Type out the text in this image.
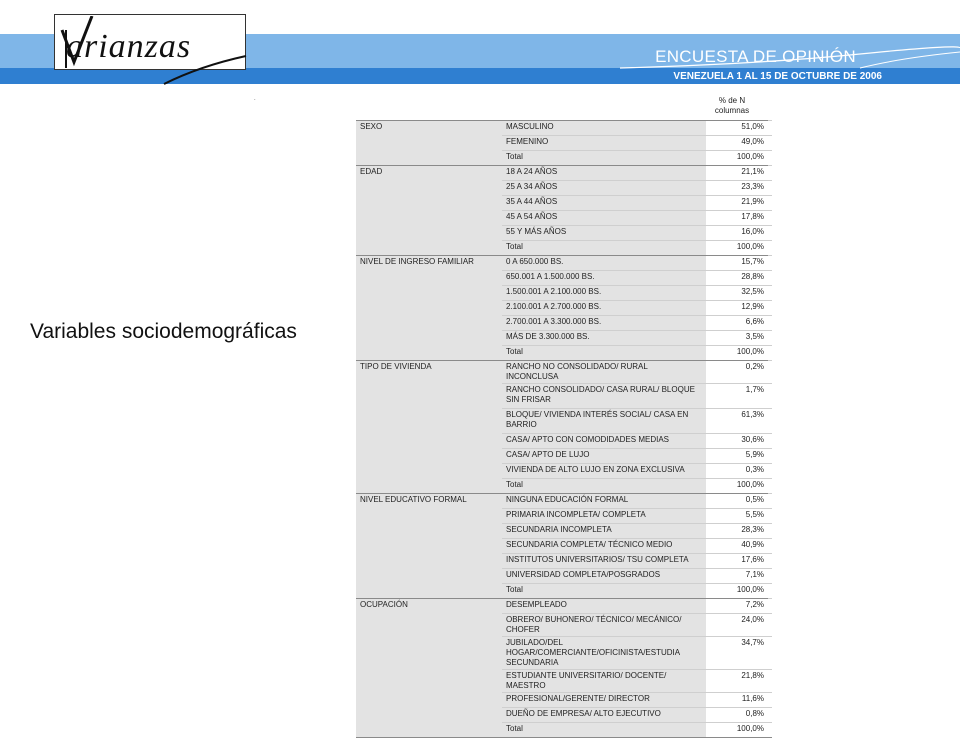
arianzas	ENCUESTA DE OPINIÓN
VENEZUELA 1 AL 15 DE OCTUBRE DE 2006
.
Variables sociodemográficas
% de N columnas
SEXO	MASCULINO	51,0%	
	FEMENINO	49,0%	
	Total	100,0%	
EDAD	18 A 24 AÑOS	21,1%	
	25 A 34 AÑOS	23,3%	
	35 A 44 AÑOS	21,9%	
	45 A 54 AÑOS	17,8%	
	55 Y MÁS AÑOS	16,0%	
	Total	100,0%	
NIVEL DE INGRESO FAMILIAR	0 A 650.000 BS.	15,7%	
	650.001 A 1.500.000 BS.	28,8%	
	1.500.001 A 2.100.000 BS.	32,5%	
	2.100.001 A 2.700.000 BS.	12,9%	
	2.700.001 A 3.300.000 BS.	6,6%	
	MÁS DE 3.300.000 BS.	3,5%	
	Total	100,0%	
TIPO DE VIVIENDA	RANCHO NO CONSOLIDADO/ RURAL INCONCLUSA	0,2%	
	RANCHO CONSOLIDADO/ CASA RURAL/ BLOQUE SIN FRISAR	1,7%	
	BLOQUE/ VIVIENDA INTERÉS SOCIAL/ CASA EN BARRIO	61,3%	
	CASA/ APTO CON COMODIDADES MEDIAS	30,6%	
	CASA/ APTO DE LUJO	5,9%	
	VIVIENDA DE ALTO LUJO EN ZONA EXCLUSIVA	0,3%	
	Total	100,0%	
NIVEL EDUCATIVO FORMAL	NINGUNA EDUCACIÓN FORMAL	0,5%	
	PRIMARIA INCOMPLETA/ COMPLETA	5,5%	
	SECUNDARIA INCOMPLETA	28,3%	
	SECUNDARIA COMPLETA/ TÉCNICO MEDIO	40,9%	
	INSTITUTOS UNIVERSITARIOS/ TSU COMPLETA	17,6%	
	UNIVERSIDAD COMPLETA/POSGRADOS	7,1%	
	Total	100,0%	
OCUPACIÓN	DESEMPLEADO	7,2%	
	OBRERO/ BUHONERO/ TÉCNICO/ MECÁNICO/ CHOFER	24,0%	
	JUBILADO/DEL HOGAR/COMERCIANTE/OFICINISTA/ESTUDIA SECUNDARIA	34,7%	
	ESTUDIANTE UNIVERSITARIO/ DOCENTE/ MAESTRO	21,8%	
	PROFESIONAL/GERENTE/ DIRECTOR	11,6%	
	DUEÑO DE EMPRESA/ ALTO EJECUTIVO	0,8%	
	Total	100,0%	
